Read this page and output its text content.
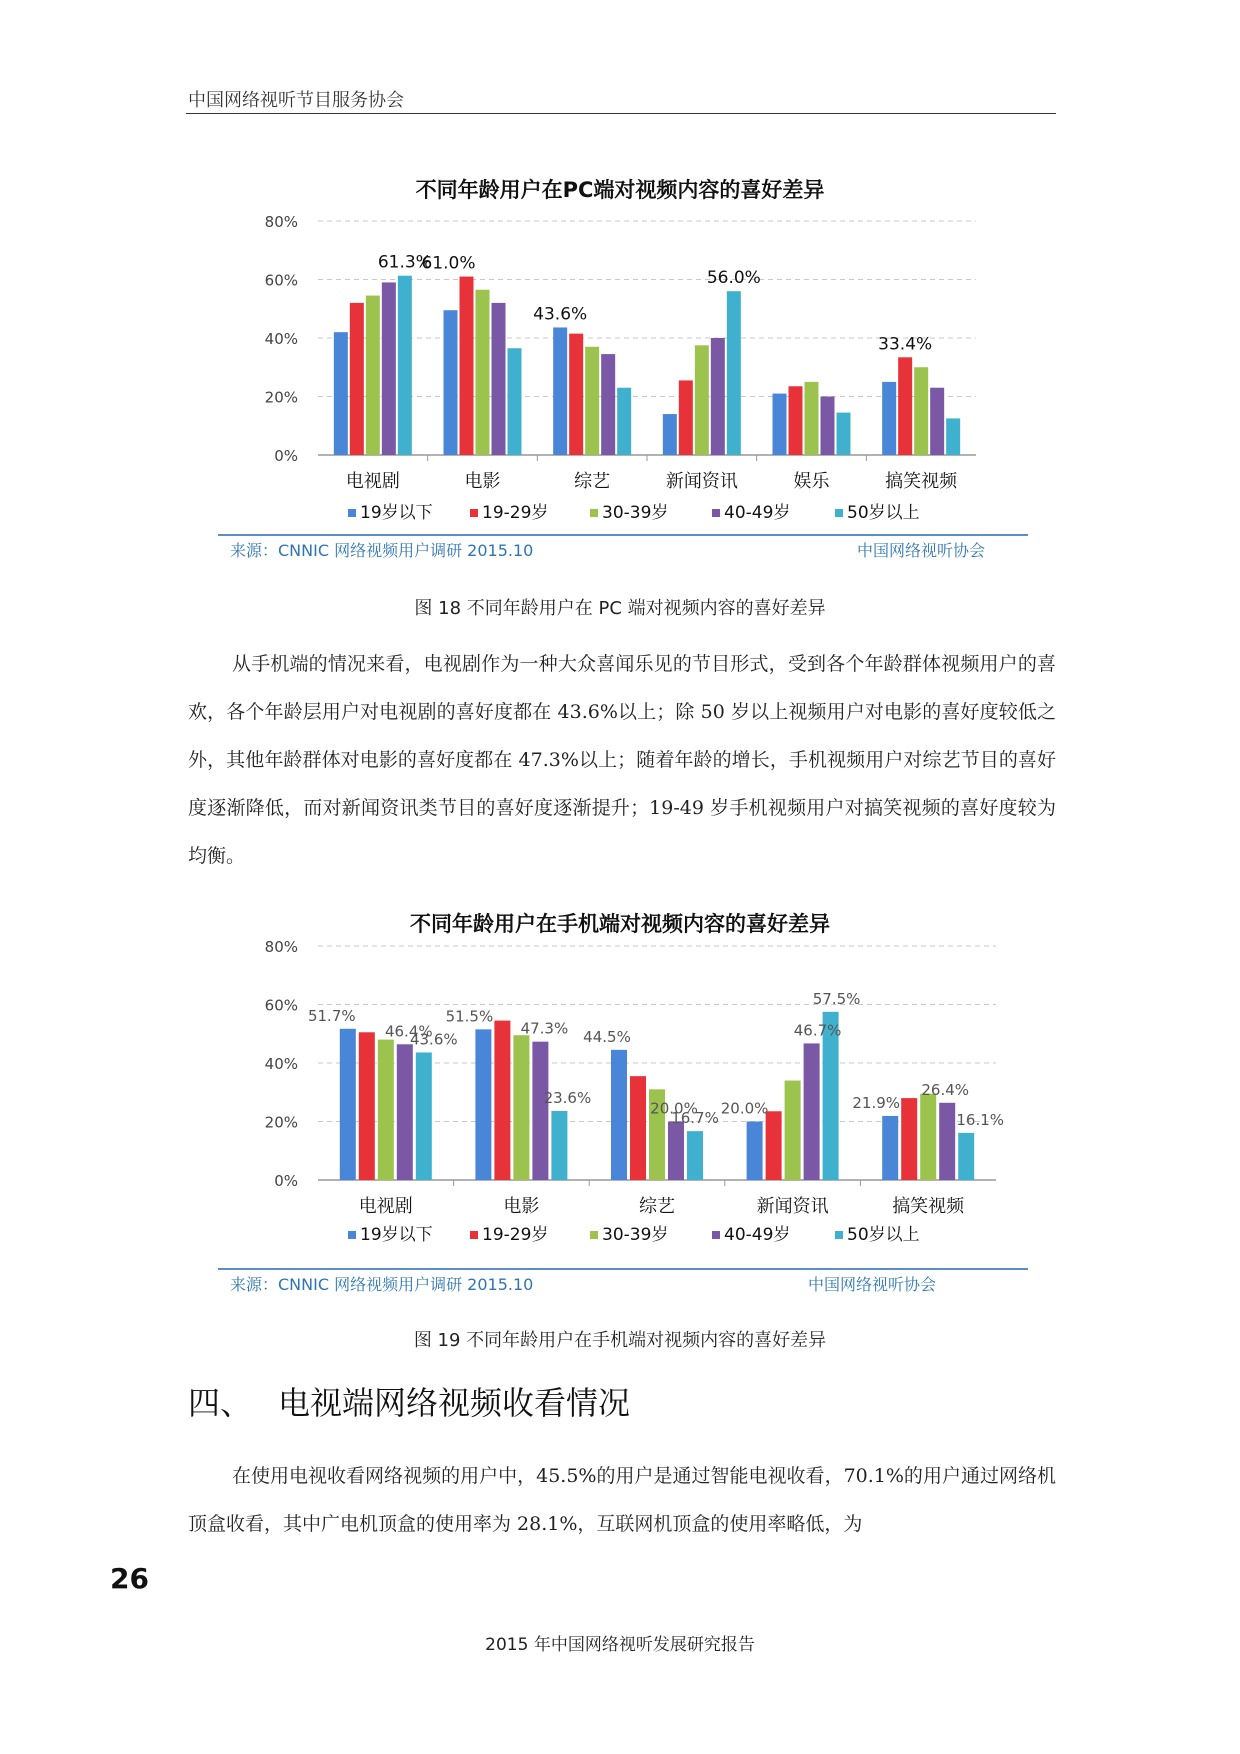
中国网络视听节目服务协会
不同年龄用户在PC端对视频内容的喜好差异
0%
20%
40%
60%
80%
电视剧	电影	综艺	新闻资讯	娱乐	搞笑视频
61.3%
61.0%
43.6%
56.0%
33.4%
19岁以下	19-29岁	30-39岁	40-49岁	50岁以上
来源：CNNIC 网络视频用户调研 2015.10	中国网络视听协会
图 18 不同年龄用户在 PC 端对视频内容的喜好差异

从手机端的情况来看，电视剧作为一种大众喜闻乐见的节目形式，受到各个年龄群体视频用户的喜欢，各个年龄层用户对电视剧的喜好度都在 43.6%以上；除 50 岁以上视频用户对电影的喜好度较低之外，其他年龄群体对电影的喜好度都在 47.3%以上；随着年龄的增长，手机视频用户对综艺节目的喜好度逐渐降低，而对新闻资讯类节目的喜好度逐渐提升；19-49 岁手机视频用户对搞笑视频的喜好度较为均衡。

不同年龄用户在手机端对视频内容的喜好差异
0%
20%
40%
60%
80%
电视剧	电影	综艺	新闻资讯	搞笑视频
51.7%
46.4%
43.6%
51.5%
47.3%
23.6%
44.5%
20.0%
16.7%
20.0%
46.7%
57.5%
21.9%
26.4%
16.1%
19岁以下	19-29岁	30-39岁	40-49岁	50岁以上
来源：CNNIC 网络视频用户调研 2015.10	中国网络视听协会
图 19 不同年龄用户在手机端对视频内容的喜好差异
四、 电视端网络视频收看情况

在使用电视收看网络视频的用户中，45.5%的用户是通过智能电视收看，70.1%的用户通过网络机顶盒收看，其中广电机顶盒的使用率为 28.1%，互联网机顶盒的使用率略低，为

26
2015 年中国网络视听发展研究报告
